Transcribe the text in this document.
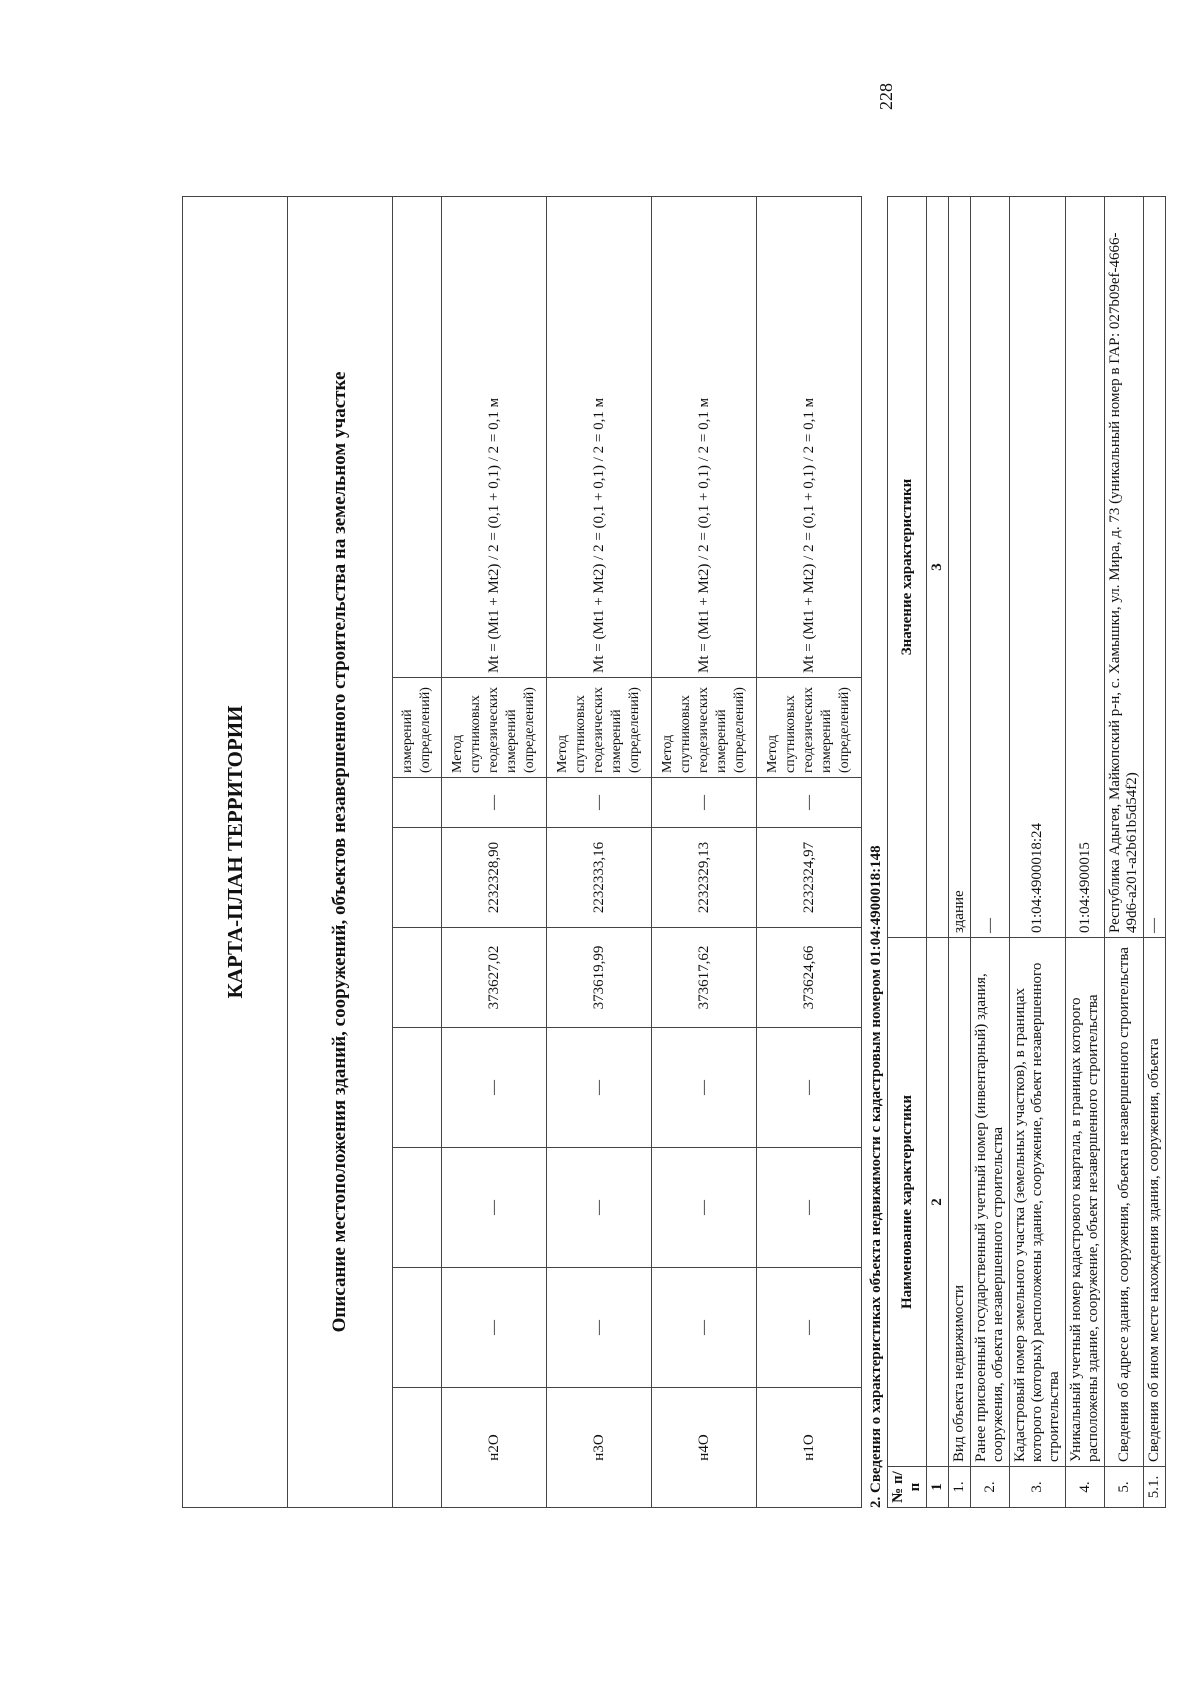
228
КАРТА-ПЛАН ТЕРРИТОРИИ								
Описание местоположения зданий, сооружений, объектов незавершенного строительства на земельном участке								
							измерений (определений)	
н2О	—	—	—	373627,02	2232328,90	—	Метод спутниковых геодезических измерений (определений)	Mt = (Mt1 + Mt2) / 2 = (0,1 + 0,1) / 2 = 0,1 м
н3О	—	—	—	373619,99	2232333,16	—	Метод спутниковых геодезических измерений (определений)	Mt = (Mt1 + Mt2) / 2 = (0,1 + 0,1) / 2 = 0,1 м
н4О	—	—	—	373617,62	2232329,13	—	Метод спутниковых геодезических измерений (определений)	Mt = (Mt1 + Mt2) / 2 = (0,1 + 0,1) / 2 = 0,1 м
н1О	—	—	—	373624,66	2232324,97	—	Метод спутниковых геодезических измерений (определений)	Mt = (Mt1 + Mt2) / 2 = (0,1 + 0,1) / 2 = 0,1 м
2. Сведения о характеристиках объекта недвижимости с кадастровым номером 01:04:4900018:148
№ п/п	Наименование характеристики	Значение характеристики
1	2	3
1.	Вид объекта недвижимости	здание
2.	Ранее присвоенный государственный учетный номер (инвентарный) здания, сооружения, объекта незавершенного строительства	—
3.	Кадастровый номер земельного участка (земельных участков), в границах которого (которых) расположены здание, сооружение, объект незавершенного строительства	01:04:4900018:24
4.	Уникальный учетный номер кадастрового квартала, в границах которого расположены здание, сооружение, объект незавершенного строительства	01:04:4900015
5.	Сведения об адресе здания, сооружения, объекта незавершенного строительства	Республика Адыгея, Майкопский р-н, с. Хамышки, ул. Мира, д. 73 (уникальный номер в ГАР: 027b09ef-4666-49d6-a201-a2b61b5d54f2)
5.1.	Сведения об ином месте нахождения здания, сооружения, объекта	—
